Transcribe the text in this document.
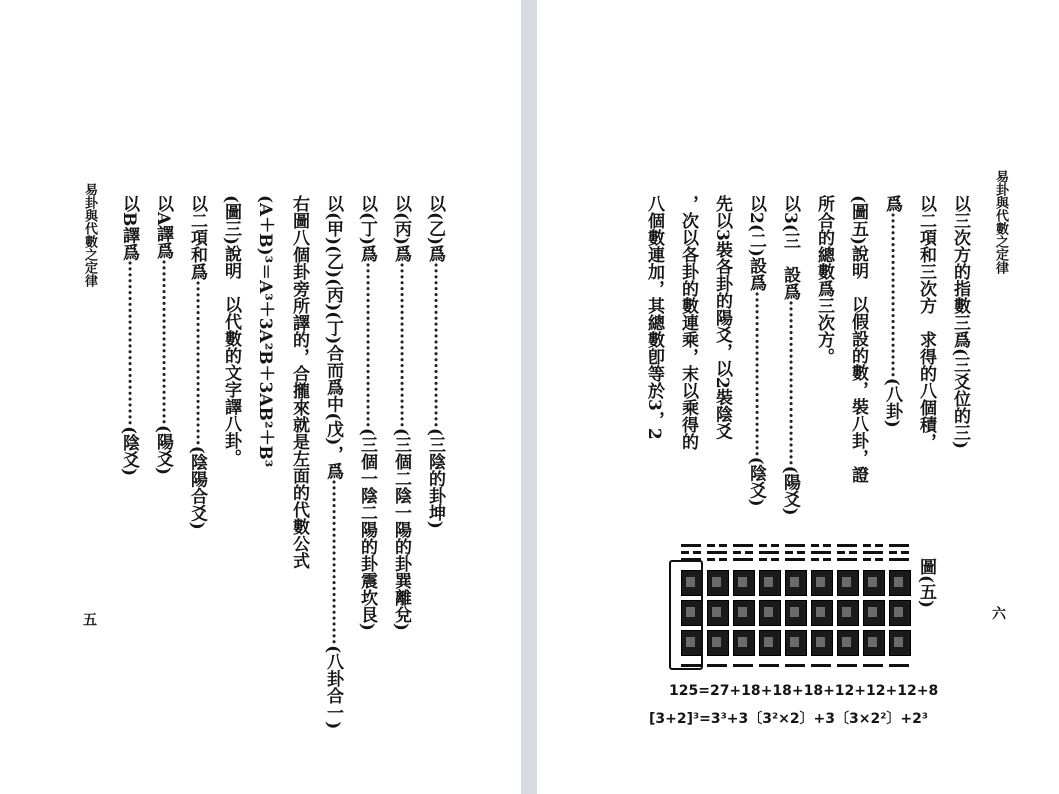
易卦與代數之定律
五
以(乙)爲····························(三陰的卦坤)
以(丙)爲····························(三個二陰一陽的卦巽離兌)
以(丁)爲····························(三個一陰二陽的卦震坎艮)
以(甲)(乙)(丙)(丁)合而爲中(戊)，爲····························(八卦合一)
右圖八個卦旁所譯的，合攏來就是左面的代數公式
(A＋B)³＝A³＋3A²B＋3AB²＋B³
(圖三)說明　以代數的文字譯八卦。
以二項和爲····························(陰陽合爻)
以A譯爲····························(陽爻)
以B譯爲····························(陰爻)
易卦與代數之定律
六
以三次方的指數三爲(三爻位的三)
以二項和三次方　求得的八個積，
爲····························(八卦)
(圖五)說明　以假設的數，裝八卦，證
所合的總數爲三次方。
以3(三　設爲····························(陽爻)
以2(二)設爲····························(陰爻)
先以3裝各卦的陽爻，以2裝陰爻
，次以各卦的數連乘，末以乘得的
八個數連加，其總數卽等於3，2
圖(五)
125=27+18+18+18+12+12+12+8
[3+2]³=3³+3〔3²×2〕+3〔3×2²〕+2³
